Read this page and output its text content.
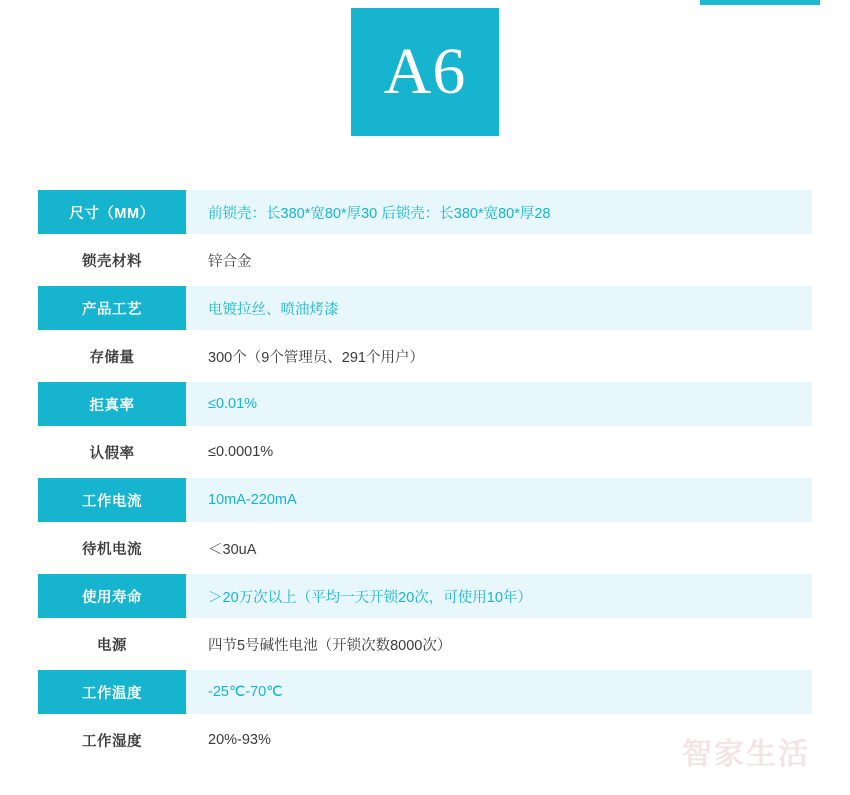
A6
尺寸（MM）	前锁壳：长380*宽80*厚30 后锁壳：长380*宽80*厚28
锁壳材料	锌合金
产品工艺	电镀拉丝、喷油烤漆
存储量	300个（9个管理员、291个用户）
拒真率	≤0.01%
认假率	≤0.0001%
工作电流	10mA-220mA
待机电流	＜30uA
使用寿命	＞20万次以上（平均一天开锁20次，可使用10年）
电源	四节5号碱性电池（开锁次数8000次）
工作温度	-25℃-70℃
工作湿度	20%-93%	智家生活
